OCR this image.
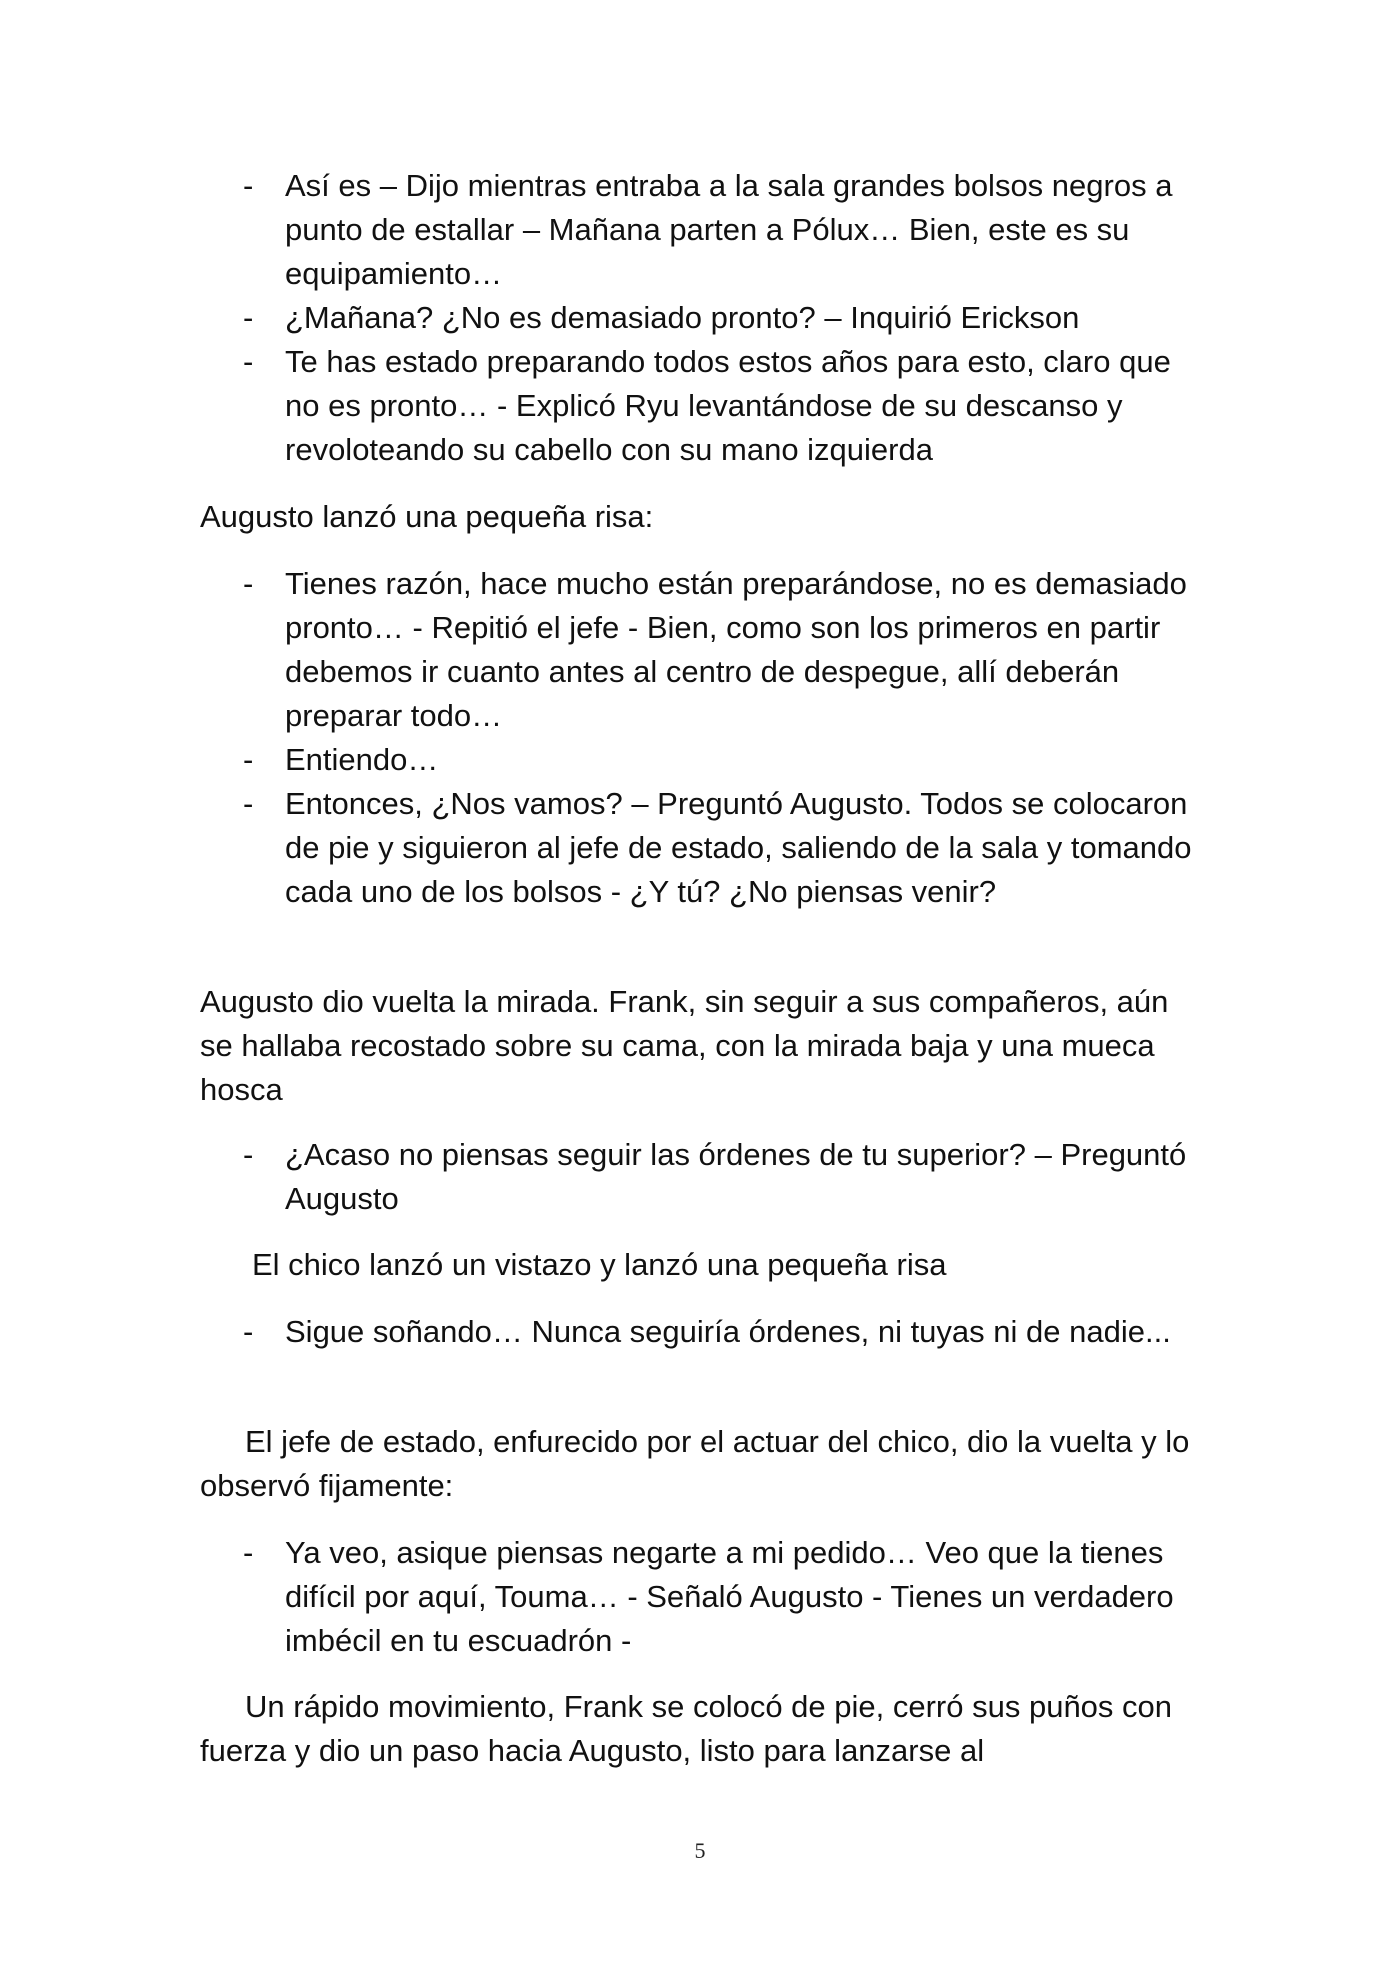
- Así es – Dijo mientras entraba a la sala grandes bolsos negros a punto de estallar – Mañana parten a Pólux… Bien, este es su equipamiento…
- ¿Mañana? ¿No es demasiado pronto? – Inquirió Erickson
- Te has estado preparando todos estos años para esto, claro que no es pronto… - Explicó Ryu levantándose de su descanso y revoloteando su cabello con su mano izquierda

Augusto lanzó una pequeña risa:

- Tienes razón, hace mucho están preparándose, no es demasiado pronto… - Repitió el jefe - Bien, como son los primeros en partir debemos ir cuanto antes al centro de despegue, allí deberán preparar todo…
- Entiendo…
- Entonces, ¿Nos vamos? – Preguntó Augusto. Todos se colocaron de pie y siguieron al jefe de estado, saliendo de la sala y tomando cada uno de los bolsos - ¿Y tú? ¿No piensas venir?

Augusto dio vuelta la mirada. Frank, sin seguir a sus compañeros, aún se hallaba recostado sobre su cama, con la mirada baja y una mueca hosca

- ¿Acaso no piensas seguir las órdenes de tu superior? – Preguntó Augusto

El chico lanzó un vistazo y lanzó una pequeña risa

- Sigue soñando… Nunca seguiría órdenes, ni tuyas ni de nadie...

El jefe de estado, enfurecido por el actuar del chico, dio la vuelta y lo observó fijamente:

- Ya veo, asique piensas negarte a mi pedido… Veo que la tienes difícil por aquí, Touma… - Señaló Augusto - Tienes un verdadero imbécil en tu escuadrón -

Un rápido movimiento, Frank se colocó de pie, cerró sus puños con fuerza y dio un paso hacia Augusto, listo para lanzarse al

5
